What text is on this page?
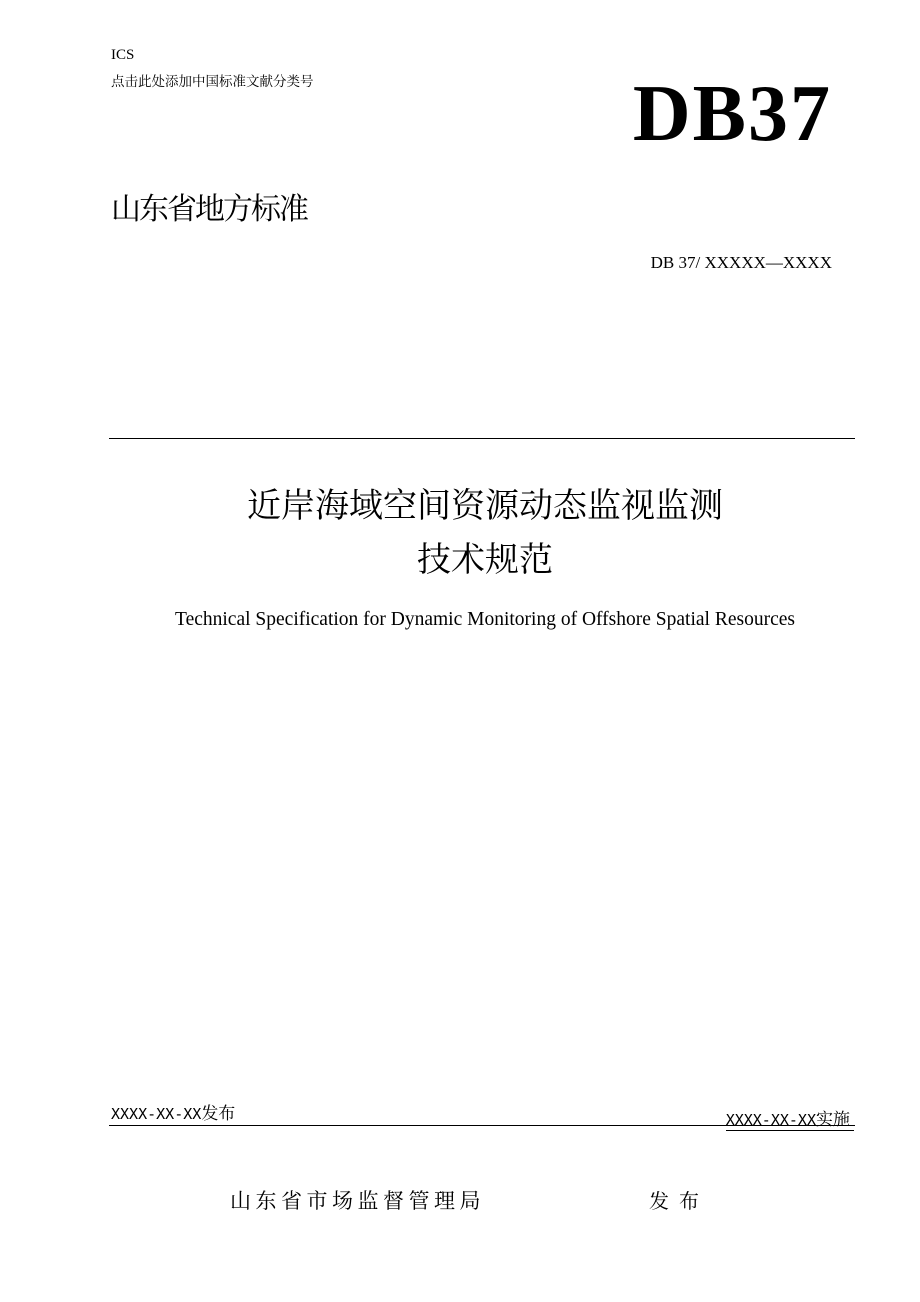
ICS
点击此处添加中国标准文献分类号	DB37
山东省地方标准
DB 37/ XXXXX—XXXX
近岸海域空间资源动态监视监测
技术规范
Technical Specification for Dynamic Monitoring of Offshore Spatial Resources
XXXX-XX-XX发布	XXXX-XX-XX实施
山东省市场监督管理局	发布
